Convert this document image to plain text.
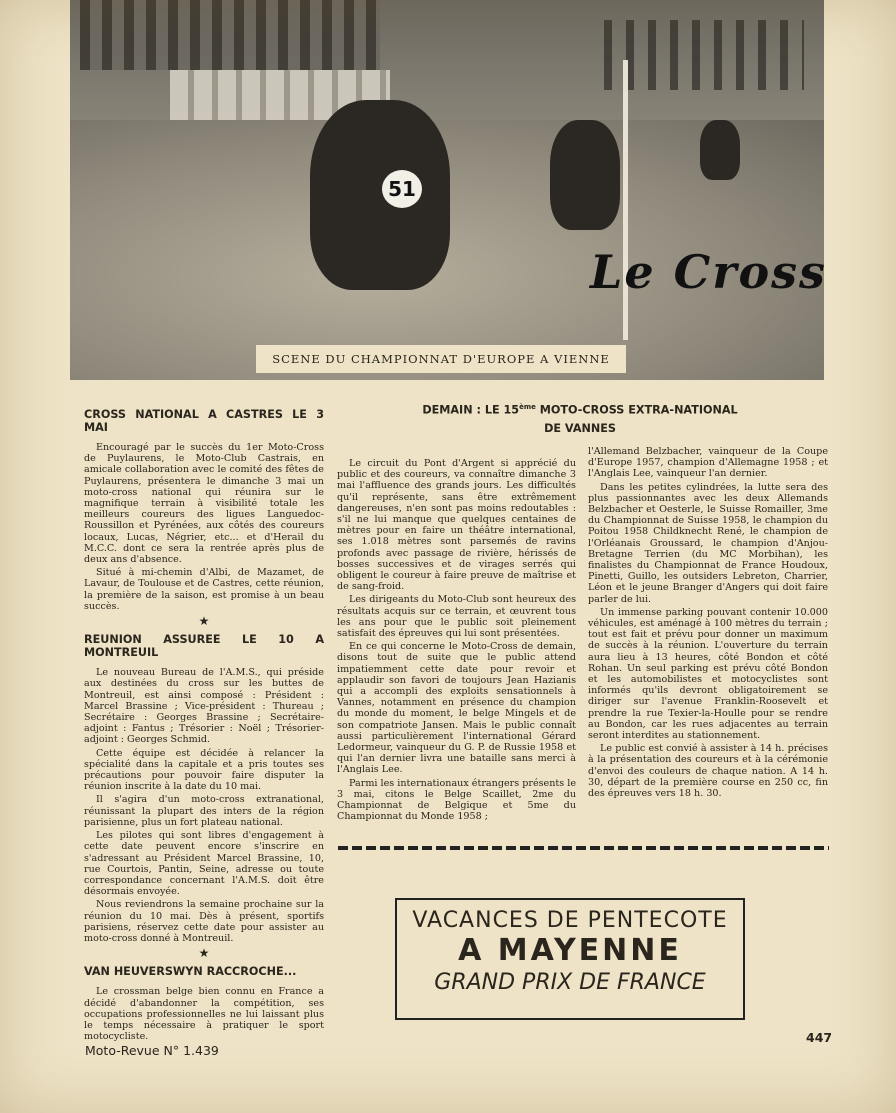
51
Le Cross
SCENE DU CHAMPIONNAT D'EUROPE A VIENNE
CROSS NATIONAL A CASTRES LE 3 MAI

Encouragé par le succès du 1er Moto-Cross de Puylaurens, le Moto-Club Castrais, en amicale collaboration avec le comité des fêtes de Puylaurens, présentera le dimanche 3 mai un moto-cross national qui réunira sur le magnifique terrain à visibilité totale les meilleurs coureurs des ligues Languedoc-Roussillon et Pyrénées, aux côtés des coureurs locaux, Lucas, Négrier, etc... et d'Herail du M.C.C. dont ce sera la rentrée après plus de deux ans d'absence.

Situé à mi-chemin d'Albi, de Mazamet, de Lavaur, de Toulouse et de Castres, cette réunion, la première de la saison, est promise à un beau succès.

★
REUNION ASSUREE LE 10 A MONTREUIL

Le nouveau Bureau de l'A.M.S., qui préside aux destinées du cross sur les buttes de Montreuil, est ainsi composé : Président : Marcel Brassine ; Vice-président : Thureau ; Secrétaire : Georges Brassine ; Secrétaire-adjoint : Fantus ; Trésorier : Noël ; Trésorier-adjoint : Georges Schmid.

Cette équipe est décidée à relancer la spécialité dans la capitale et a pris toutes ses précautions pour pouvoir faire disputer la réunion inscrite à la date du 10 mai.

Il s'agira d'un moto-cross extranational, réunissant la plupart des inters de la région parisienne, plus un fort plateau national.

Les pilotes qui sont libres d'engagement à cette date peuvent encore s'inscrire en s'adressant au Président Marcel Brassine, 10, rue Courtois, Pantin, Seine, adresse ou toute correspondance concernant l'A.M.S. doit être désormais envoyée.

Nous reviendrons la semaine prochaine sur la réunion du 10 mai. Dès à présent, sportifs parisiens, réservez cette date pour assister au moto-cross donné à Montreuil.

★
VAN HEUVERSWYN RACCROCHE...

Le crossman belge bien connu en France a décidé d'abandonner la compétition, ses occupations professionnelles ne lui laissant plus le temps nécessaire à pratiquer le sport motocycliste.

DEMAIN : LE 15ème MOTO-CROSS EXTRA-NATIONAL
DE VANNES

Le circuit du Pont d'Argent si apprécié du public et des coureurs, va connaître dimanche 3 mai l'affluence des grands jours. Les difficultés qu'il représente, sans être extrêmement dangereuses, n'en sont pas moins redoutables : s'il ne lui manque que quelques centaines de mètres pour en faire un théâtre international, ses 1.018 mètres sont parsemés de ravins profonds avec passage de rivière, hérissés de bosses successives et de virages serrés qui obligent le coureur à faire preuve de maîtrise et de sang-froid.

Les dirigeants du Moto-Club sont heureux des résultats acquis sur ce terrain, et œuvrent tous les ans pour que le public soit pleinement satisfait des épreuves qui lui sont présentées.

En ce qui concerne le Moto-Cross de demain, disons tout de suite que le public attend impatiemment cette date pour revoir et applaudir son favori de toujours Jean Hazianis qui a accompli des exploits sensationnels à Vannes, notamment en présence du champion du monde du moment, le belge Mingels et de son compatriote Jansen. Mais le public connaît aussi particulièrement l'international Gérard Ledormeur, vainqueur du G. P. de Russie 1958 et qui l'an dernier livra une bataille sans merci à l'Anglais Lee.

Parmi les internationaux étrangers présents le 3 mai, citons le Belge Scaillet, 2me du Championnat de Belgique et 5me du Championnat du Monde 1958 ;

l'Allemand Belzbacher, vainqueur de la Coupe d'Europe 1957, champion d'Allemagne 1958 ; et l'Anglais Lee, vainqueur l'an dernier.

Dans les petites cylindrées, la lutte sera des plus passionnantes avec les deux Allemands Belzbacher et Oesterle, le Suisse Romailler, 3me du Championnat de Suisse 1958, le champion du Poitou 1958 Childknecht René, le champion de l'Orléanais Groussard, le champion d'Anjou-Bretagne Terrien (du MC Morbihan), les finalistes du Championnat de France Houdoux, Pinetti, Guillo, les outsiders Lebreton, Charrier, Léon et le jeune Branger d'Angers qui doit faire parler de lui.

Un immense parking pouvant contenir 10.000 véhicules, est aménagé à 100 mètres du terrain ; tout est fait et prévu pour donner un maximum de succès à la réunion. L'ouverture du terrain aura lieu à 13 heures, côté Bondon et côté Rohan. Un seul parking est prévu côté Bondon et les automobilistes et motocyclistes sont informés qu'ils devront obligatoirement se diriger sur l'avenue Franklin-Roosevelt et prendre la rue Texier-la-Houlle pour se rendre au Bondon, car les rues adjacentes au terrain seront interdites au stationnement.

Le public est convié à assister à 14 h. précises à la présentation des coureurs et à la cérémonie d'envoi des couleurs de chaque nation. A 14 h. 30, départ de la première course en 250 cc, fin des épreuves vers 18 h. 30.

VACANCES DE PENTECOTE
A MAYENNE
GRAND PRIX DE FRANCE
Moto-Revue N° 1.439
447
